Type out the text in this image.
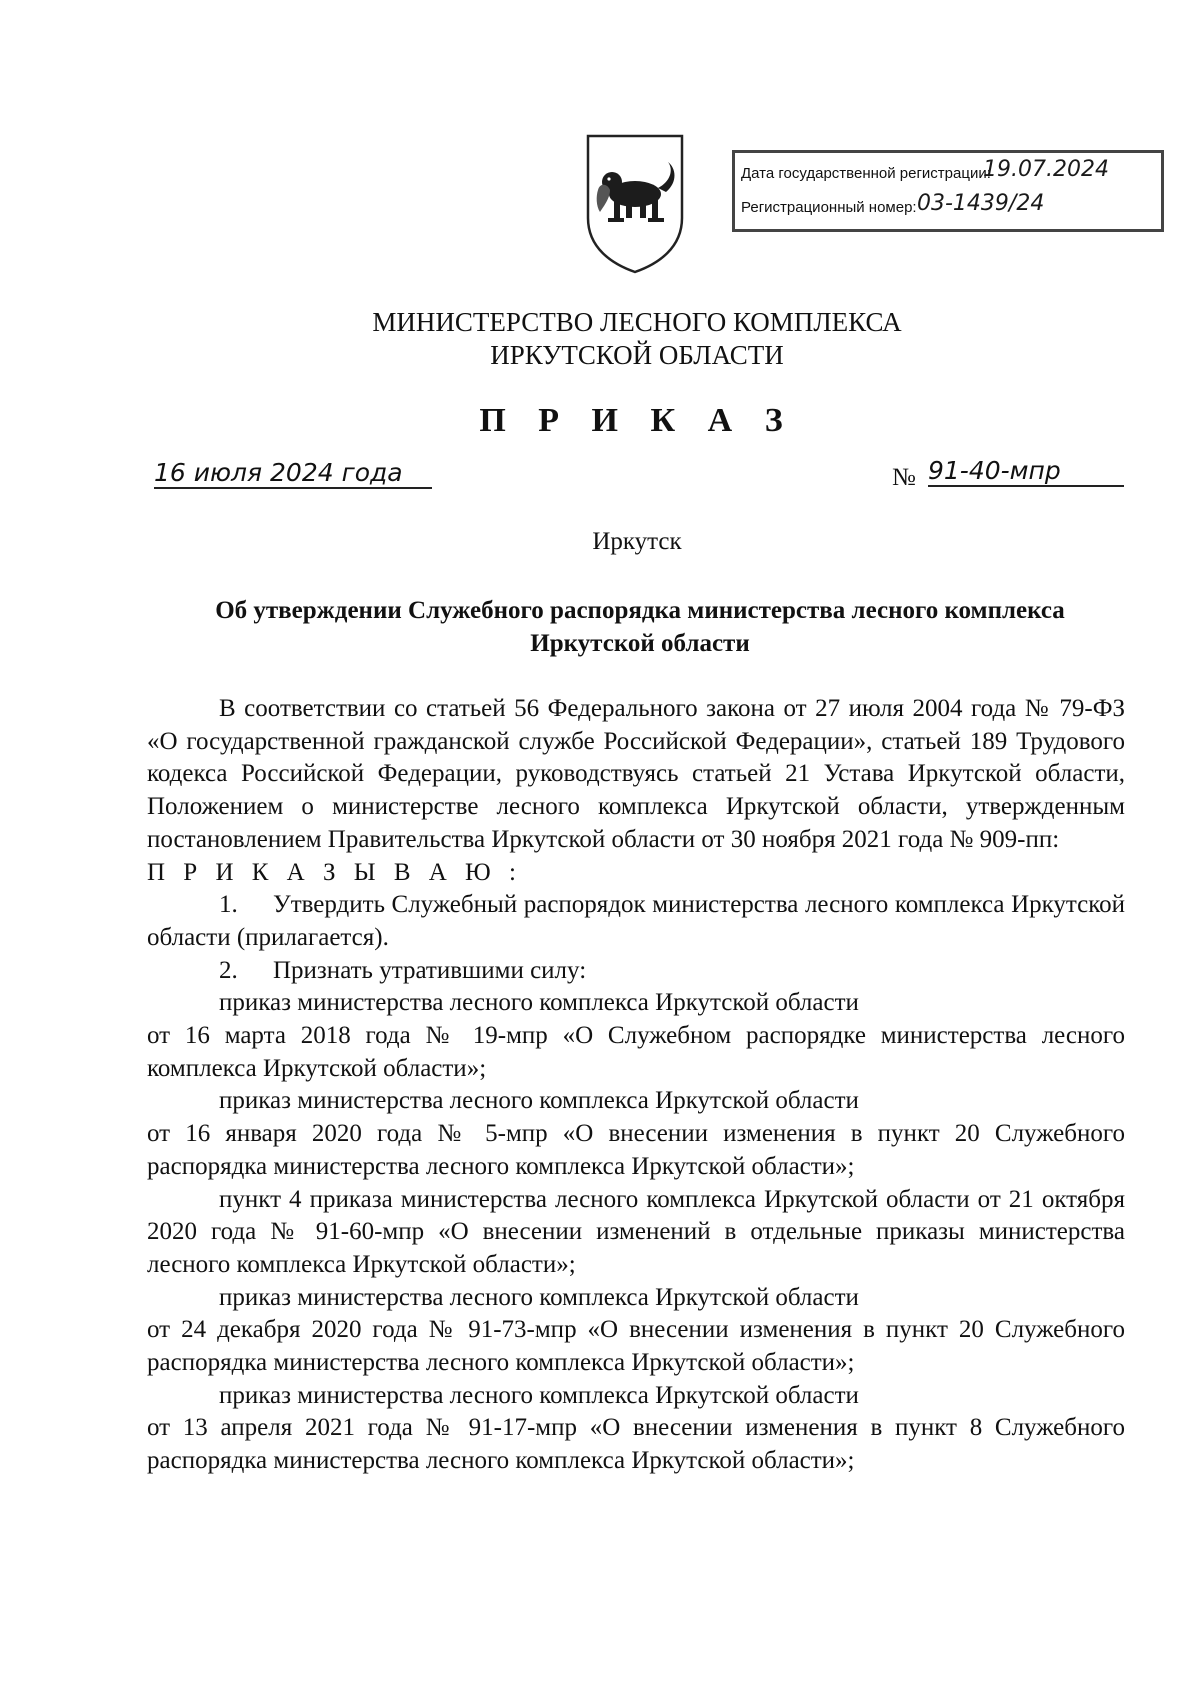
Дата государственной регистрации:
19.07.2024
Регистрационный номер: 03-1439/24
МИНИСТЕРСТВО ЛЕСНОГО КОМПЛЕКСА
ИРКУТСКОЙ ОБЛАСТИ
П Р И К А З
16 июля 2024 года	№ 91-40-мпр
Иркутск
Об утверждении Служебного распорядка министерства лесного комплекса Иркутской области

В соответствии со статьей 56 Федерального закона от 27 июля 2004 года № 79-ФЗ «О государственной гражданской службе Российской Федерации», статьей 189 Трудового кодекса Российской Федерации, руководствуясь статьей 21 Устава Иркутской области, Положением о министерстве лесного комплекса Иркутской области, утвержденным постановлением Правительства Иркутской области от 30 ноября 2021 года № 909-пп:

П Р И К А З Ы В А Ю :

1. Утвердить Служебный распорядок министерства лесного комплекса Иркутской области (прилагается).

2. Признать утратившими силу:

приказ министерства лесного комплекса Иркутской области

от 16 марта 2018 года № 19-мпр «О Служебном распорядке министерства лесного комплекса Иркутской области»;

приказ министерства лесного комплекса Иркутской области

от 16 января 2020 года № 5-мпр «О внесении изменения в пункт 20 Служебного распорядка министерства лесного комплекса Иркутской области»;

пункт 4 приказа министерства лесного комплекса Иркутской области от 21 октября 2020 года № 91-60-мпр «О внесении изменений в отдельные приказы министерства лесного комплекса Иркутской области»;

приказ министерства лесного комплекса Иркутской области

от 24 декабря 2020 года № 91-73-мпр «О внесении изменения в пункт 20 Служебного распорядка министерства лесного комплекса Иркутской области»;

приказ министерства лесного комплекса Иркутской области

от 13 апреля 2021 года № 91-17-мпр «О внесении изменения в пункт 8 Служебного распорядка министерства лесного комплекса Иркутской области»;
